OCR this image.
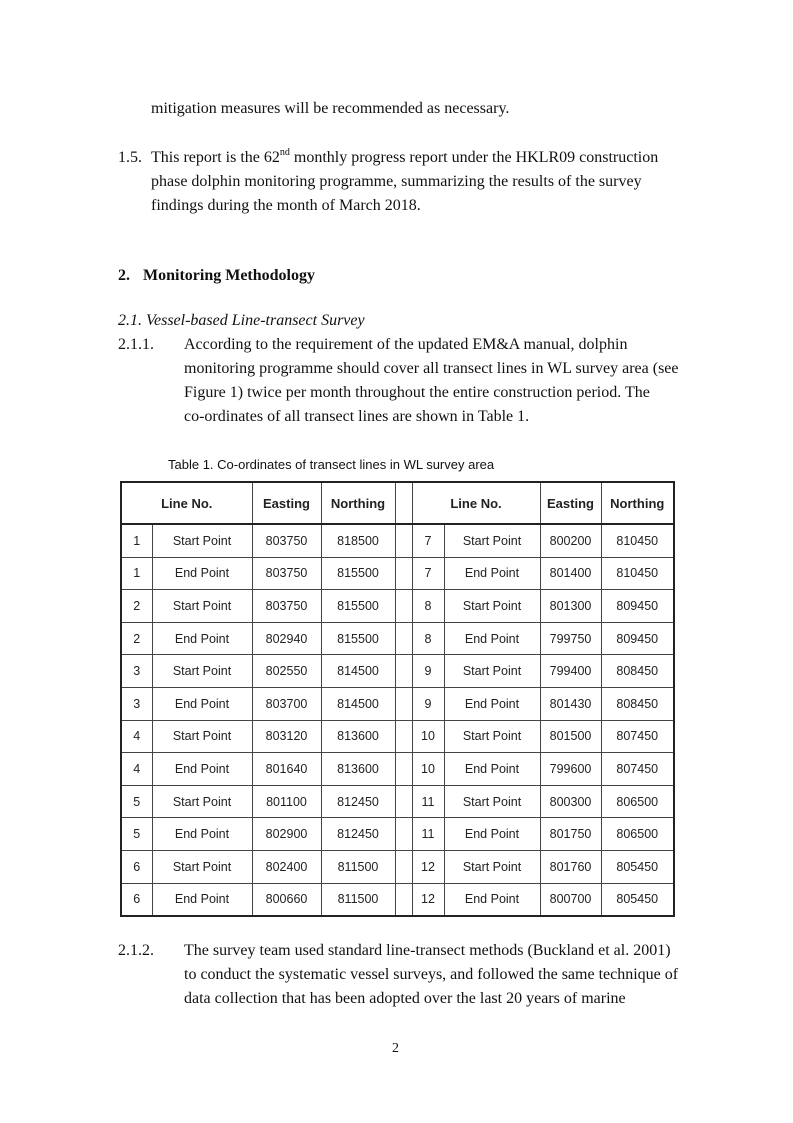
mitigation measures will be recommended as necessary.
1.5. This report is the 62nd monthly progress report under the HKLR09 construction
phase dolphin monitoring programme, summarizing the results of the survey
findings during the month of March 2018.
2. Monitoring Methodology
2.1. Vessel-based Line-transect Survey
2.1.1. According to the requirement of the updated EM&A manual, dolphin
monitoring programme should cover all transect lines in WL survey area (see
Figure 1) twice per month throughout the entire construction period. The
co-ordinates of all transect lines are shown in Table 1.
Table 1. Co-ordinates of transect lines in WL survey area
Line No.		Easting	Northing		Line No.		Easting	Northing
1	Start Point	803750	818500		7	Start Point	800200	810450
1	End Point	803750	815500		7	End Point	801400	810450
2	Start Point	803750	815500		8	Start Point	801300	809450
2	End Point	802940	815500		8	End Point	799750	809450
3	Start Point	802550	814500		9	Start Point	799400	808450
3	End Point	803700	814500		9	End Point	801430	808450
4	Start Point	803120	813600		10	Start Point	801500	807450
4	End Point	801640	813600		10	End Point	799600	807450
5	Start Point	801100	812450		11	Start Point	800300	806500
5	End Point	802900	812450		11	End Point	801750	806500
6	Start Point	802400	811500		12	Start Point	801760	805450
6	End Point	800660	811500		12	End Point	800700	805450
2.1.2. The survey team used standard line-transect methods (Buckland et al. 2001)
to conduct the systematic vessel surveys, and followed the same technique of
data collection that has been adopted over the last 20 years of marine
2
